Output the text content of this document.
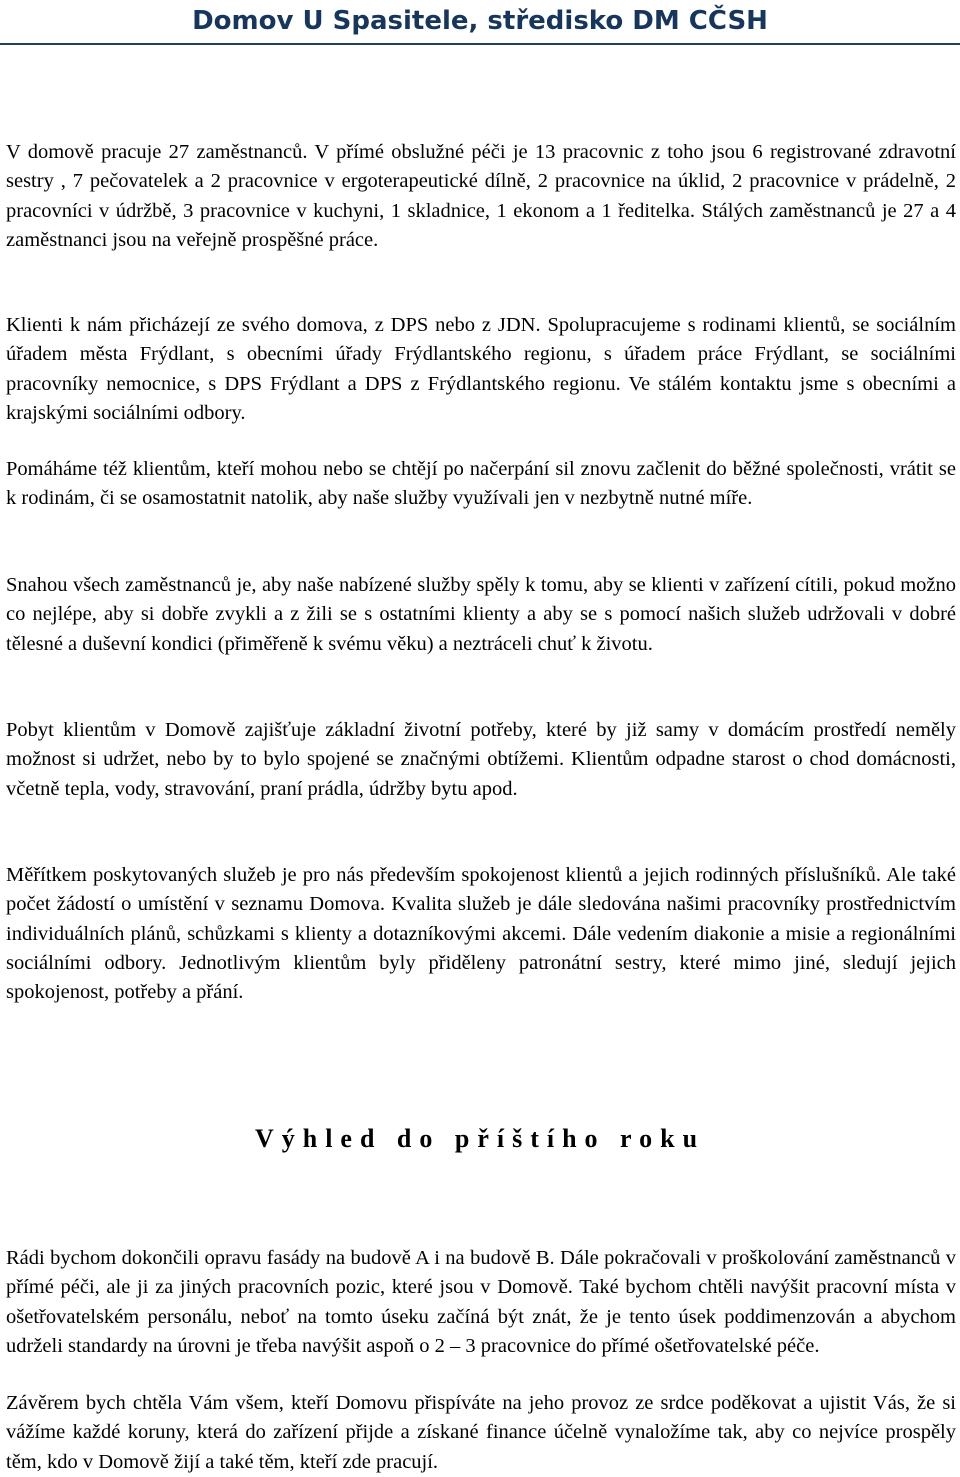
Domov U Spasitele, středisko DM CČSH

V domově pracuje 27 zaměstnanců. V přímé obslužné péči je 13 pracovnic z toho jsou 6 registrované zdravotní sestry , 7 pečovatelek a 2 pracovnice v ergoterapeutické dílně, 2 pracovnice na úklid, 2 pracovnice v prádelně, 2 pracovníci v údržbě, 3 pracovnice v kuchyni, 1 skladnice, 1 ekonom a 1 ředitelka. Stálých zaměstnanců je 27 a 4 zaměstnanci jsou na veřejně prospěšné práce.

Klienti k nám přicházejí ze svého domova, z DPS nebo z JDN. Spolupracujeme s rodinami klientů, se sociálním úřadem města Frýdlant, s obecními úřady Frýdlantského regionu, s úřadem práce Frýdlant, se sociálními pracovníky nemocnice, s DPS Frýdlant a DPS z Frýdlantského regionu. Ve stálém kontaktu jsme s obecními a krajskými sociálními odbory.

Pomáháme též klientům, kteří mohou nebo se chtějí po načerpání sil znovu začlenit do běžné společnosti, vrátit se k rodinám, či se osamostatnit natolik, aby naše služby využívali jen v nezbytně nutné míře.

Snahou všech zaměstnanců je, aby naše nabízené služby spěly k tomu, aby se klienti v zařízení cítili, pokud možno co nejlépe, aby si dobře zvykli a z žili se s ostatními klienty a aby se s pomocí našich služeb udržovali v dobré tělesné a duševní kondici (přiměřeně k svému věku) a neztráceli chuť k životu.

Pobyt klientům v Domově zajišťuje základní životní potřeby, které by již samy v domácím prostředí neměly možnost si udržet, nebo by to bylo spojené se značnými obtížemi. Klientům odpadne starost o chod domácnosti, včetně tepla, vody, stravování, praní prádla, údržby bytu apod.

Měřítkem poskytovaných služeb je pro nás především spokojenost klientů a jejich rodinných příslušníků. Ale také počet žádostí o umístění v seznamu Domova. Kvalita služeb je dále sledována našimi pracovníky prostřednictvím individuálních plánů, schůzkami s klienty a dotazníkovými akcemi. Dále vedením diakonie a misie a regionálními sociálními odbory. Jednotlivým klientům byly přiděleny patronátní sestry, které mimo jiné, sledují jejich spokojenost, potřeby a přání.

Výhled do příštího roku

Rádi bychom dokončili opravu fasády na budově A i na budově B. Dále pokračovali v proškolování zaměstnanců v přímé péči, ale ji za jiných pracovních pozic, které jsou v Domově. Také bychom chtěli navýšit pracovní místa v ošetřovatelském personálu, neboť na tomto úseku začíná být znát, že je tento úsek poddimenzován a abychom udrželi standardy na úrovni je třeba navýšit aspoň o 2 – 3 pracovnice do přímé ošetřovatelské péče.

Závěrem bych chtěla Vám všem, kteří Domovu přispíváte na jeho provoz ze srdce poděkovat a ujistit Vás, že si vážíme každé koruny, která do zařízení přijde a získané finance účelně vynaložíme tak, aby co nejvíce prospěly těm, kdo v Domově žijí a také těm, kteří zde pracují.
